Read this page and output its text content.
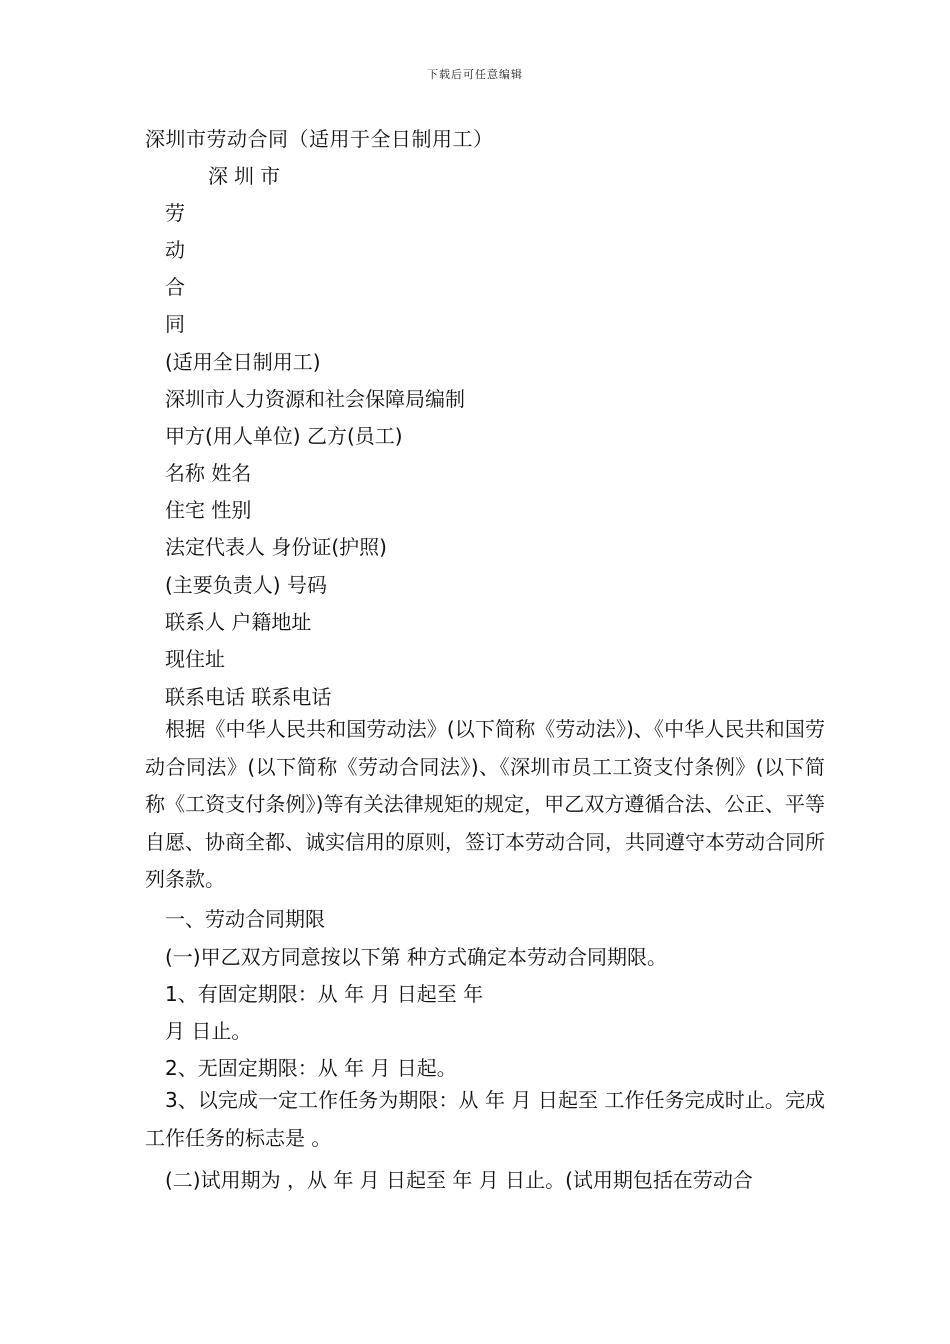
下载后可任意编辑
深圳市劳动合同（适用于全日制用工）
深圳市
劳
动
合
同
(适用全日制用工)
深圳市人力资源和社会保障局编制
甲方(用人单位) 乙方(员工)
名称 姓名
住宅 性别
法定代表人 身份证(护照)
(主要负责人) 号码
联系人 户籍地址
现住址
联系电话 联系电话
根据《中华人民共和国劳动法》(以下简称《劳动法》)、《中华人民共和国劳动合同法》(以下简称《劳动合同法》)、《深圳市员工工资支付条例》(以下简称《工资支付条例》)等有关法律规矩的规定，甲乙双方遵循合法、公正、平等自愿、协商全都、诚实信用的原则，签订本劳动合同，共同遵守本劳动合同所列条款。
一、劳动合同期限
(一)甲乙双方同意按以下第 种方式确定本劳动合同期限。
1、有固定期限：从 年 月 日起至 年
月 日止。
2、无固定期限：从 年 月 日起。
3、以完成一定工作任务为期限：从 年 月 日起至 工作任务完成时止。完成工作任务的标志是 。
(二)试用期为 ，从 年 月 日起至 年 月 日止。(试用期包括在劳动合
